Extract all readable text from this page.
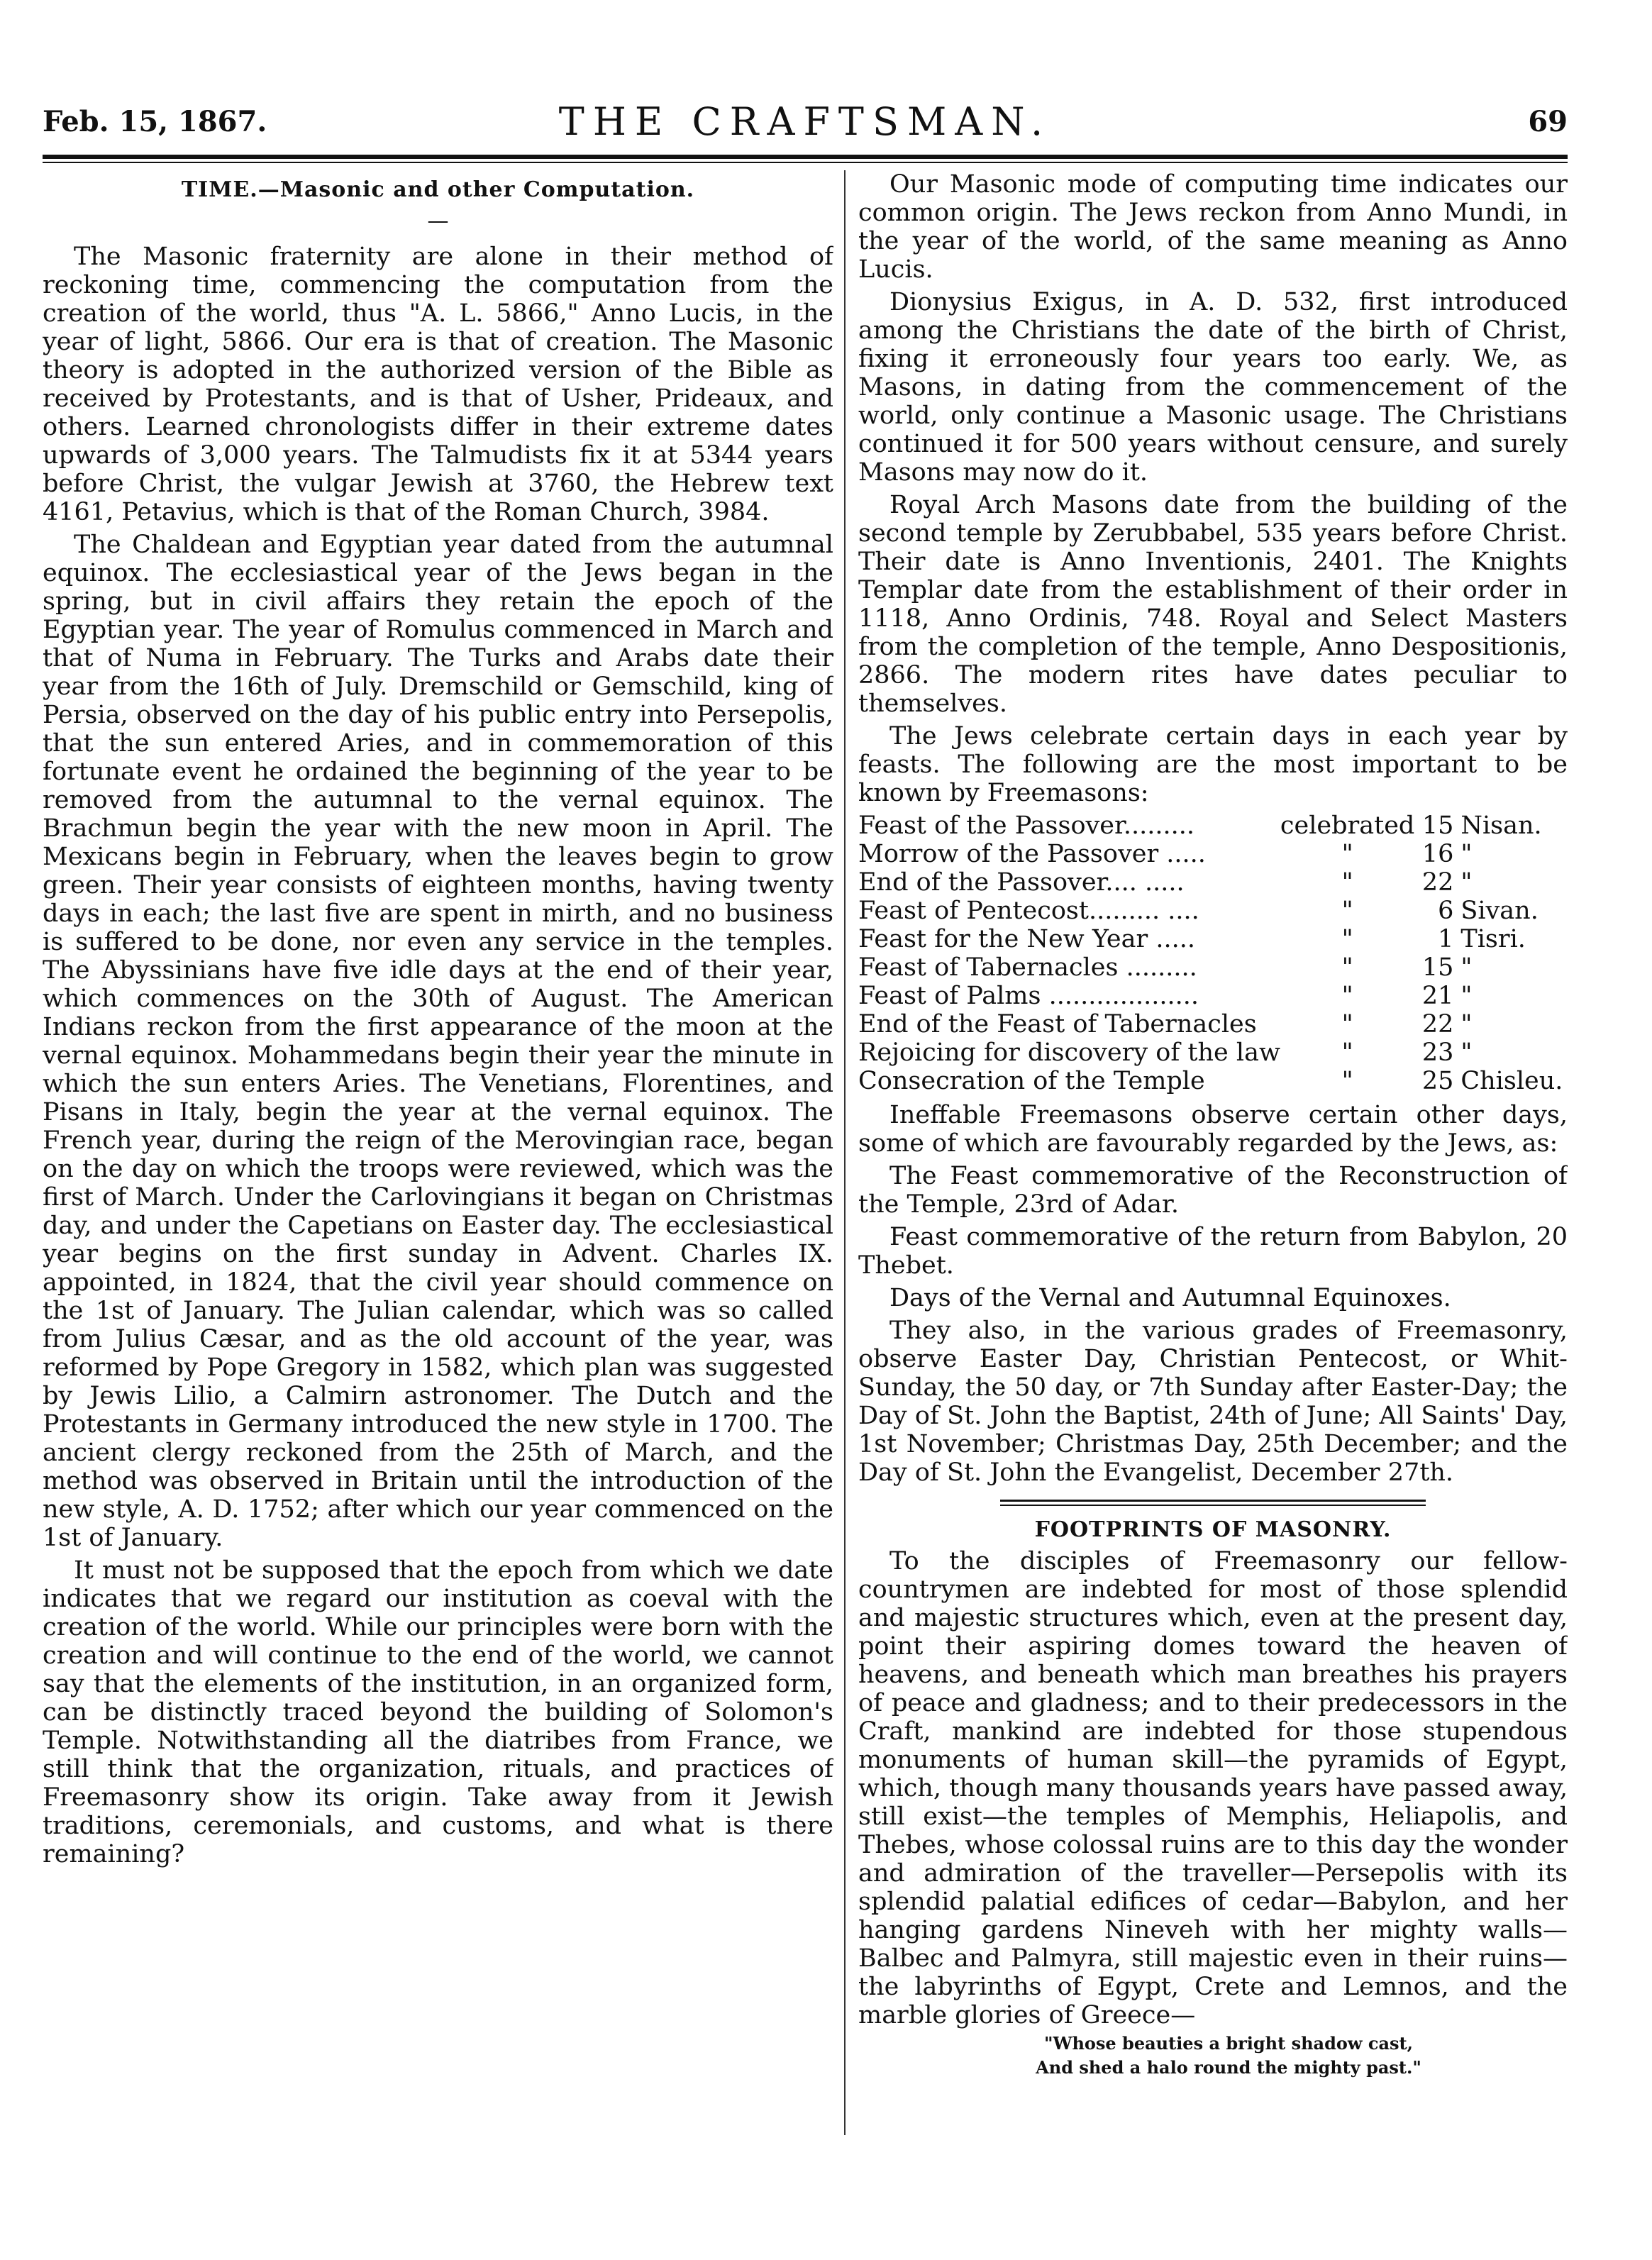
Feb. 15, 1867.	THE CRAFTSMAN.	69
TIME.—Masonic and other Computation.
—

The Masonic fraternity are alone in their method of reckoning time, commencing the computation from the creation of the world, thus "A. L. 5866," Anno Lucis, in the year of light, 5866. Our era is that of creation. The Masonic theory is adopted in the authorized version of the Bible as received by Protestants, and is that of Usher, Prideaux, and others. Learned chronologists differ in their extreme dates upwards of 3,000 years. The Talmudists fix it at 5344 years before Christ, the vulgar Jewish at 3760, the Hebrew text 4161, Petavius, which is that of the Roman Church, 3984.

The Chaldean and Egyptian year dated from the autumnal equinox. The ecclesiastical year of the Jews began in the spring, but in civil affairs they retain the epoch of the Egyptian year. The year of Romulus commenced in March and that of Numa in February. The Turks and Arabs date their year from the 16th of July. Dremschild or Gemschild, king of Persia, observed on the day of his public entry into Persepolis, that the sun entered Aries, and in commemoration of this fortunate event he ordained the beginning of the year to be removed from the autumnal to the vernal equinox. The Brachmun begin the year with the new moon in April. The Mexicans begin in February, when the leaves begin to grow green. Their year consists of eighteen months, having twenty days in each; the last five are spent in mirth, and no business is suffered to be done, nor even any service in the temples. The Abyssinians have five idle days at the end of their year, which commences on the 30th of August. The American Indians reckon from the first appearance of the moon at the vernal equinox. Mohammedans begin their year the minute in which the sun enters Aries. The Venetians, Florentines, and Pisans in Italy, begin the year at the vernal equinox. The French year, during the reign of the Merovingian race, began on the day on which the troops were reviewed, which was the first of March. Under the Carlovingians it began on Christmas day, and under the Capetians on Easter day. The ecclesiastical year begins on the first sunday in Advent. Charles IX. appointed, in 1824, that the civil year should commence on the 1st of January. The Julian calendar, which was so called from Julius Cæsar, and as the old account of the year, was reformed by Pope Gregory in 1582, which plan was suggested by Jewis Lilio, a Calmirn astronomer. The Dutch and the Protestants in Germany introduced the new style in 1700. The ancient clergy reckoned from the 25th of March, and the method was observed in Britain until the introduction of the new style, A. D. 1752; after which our year commenced on the 1st of January.

It must not be supposed that the epoch from which we date indicates that we regard our institution as coeval with the creation of the world. While our principles were born with the creation and will continue to the end of the world, we cannot say that the elements of the institution, in an organized form, can be distinctly traced beyond the building of Solomon's Temple. Notwithstanding all the diatribes from France, we still think that the organization, rituals, and practices of Freemasonry show its origin. Take away from it Jewish traditions, ceremonials, and customs, and what is there remaining?

Our Masonic mode of computing time indicates our common origin. The Jews reckon from Anno Mundi, in the year of the world, of the same meaning as Anno Lucis.

Dionysius Exigus, in A. D. 532, first introduced among the Christians the date of the birth of Christ, fixing it erroneously four years too early. We, as Masons, in dating from the commencement of the world, only continue a Masonic usage. The Christians continued it for 500 years without censure, and surely Masons may now do it.

Royal Arch Masons date from the building of the second temple by Zerubbabel, 535 years before Christ. Their date is Anno Inventionis, 2401. The Knights Templar date from the establishment of their order in 1118, Anno Ordinis, 748. Royal and Select Masters from the completion of the temple, Anno Despositionis, 2866. The modern rites have dates peculiar to themselves.

The Jews celebrate certain days in each year by feasts. The following are the most important to be known by Freemasons:

Feast of the Passover.........	celebrated	15	Nisan.
Morrow of the Passover .....	"	16	"
End of the Passover.... .....	"	22	"
Feast of Pentecost......... ....	"	6	Sivan.
Feast for the New Year .....	"	1	Tisri.
Feast of Tabernacles .........	"	15	"
Feast of Palms ...................	"	21	"
End of the Feast of Tabernacles	"	22	"
Rejoicing for discovery of the law	"	23	"
Consecration of the Temple	"	25	Chisleu.

Ineffable Freemasons observe certain other days, some of which are favourably regarded by the Jews, as:

The Feast commemorative of the Reconstruction of the Temple, 23rd of Adar.

Feast commemorative of the return from Babylon, 20 Thebet.

Days of the Vernal and Autumnal Equinoxes.

They also, in the various grades of Freemasonry, observe Easter Day, Christian Pentecost, or Whit-Sunday, the 50 day, or 7th Sunday after Easter-Day; the Day of St. John the Baptist, 24th of June; All Saints' Day, 1st November; Christmas Day, 25th December; and the Day of St. John the Evangelist, December 27th.

FOOTPRINTS OF MASONRY.

To the disciples of Freemasonry our fellow-countrymen are indebted for most of those splendid and majestic structures which, even at the present day, point their aspiring domes toward the heaven of heavens, and beneath which man breathes his prayers of peace and gladness; and to their predecessors in the Craft, mankind are indebted for those stupendous monuments of human skill—the pyramids of Egypt, which, though many thousands years have passed away, still exist—the temples of Memphis, Heliapolis, and Thebes, whose colossal ruins are to this day the wonder and admiration of the traveller—Persepolis with its splendid palatial edifices of cedar—Babylon, and her hanging gardens Nineveh with her mighty walls—Balbec and Palmyra, still majestic even in their ruins—the labyrinths of Egypt, Crete and Lemnos, and the marble glories of Greece—

"Whose beauties a bright shadow cast,

And shed a halo round the mighty past."
